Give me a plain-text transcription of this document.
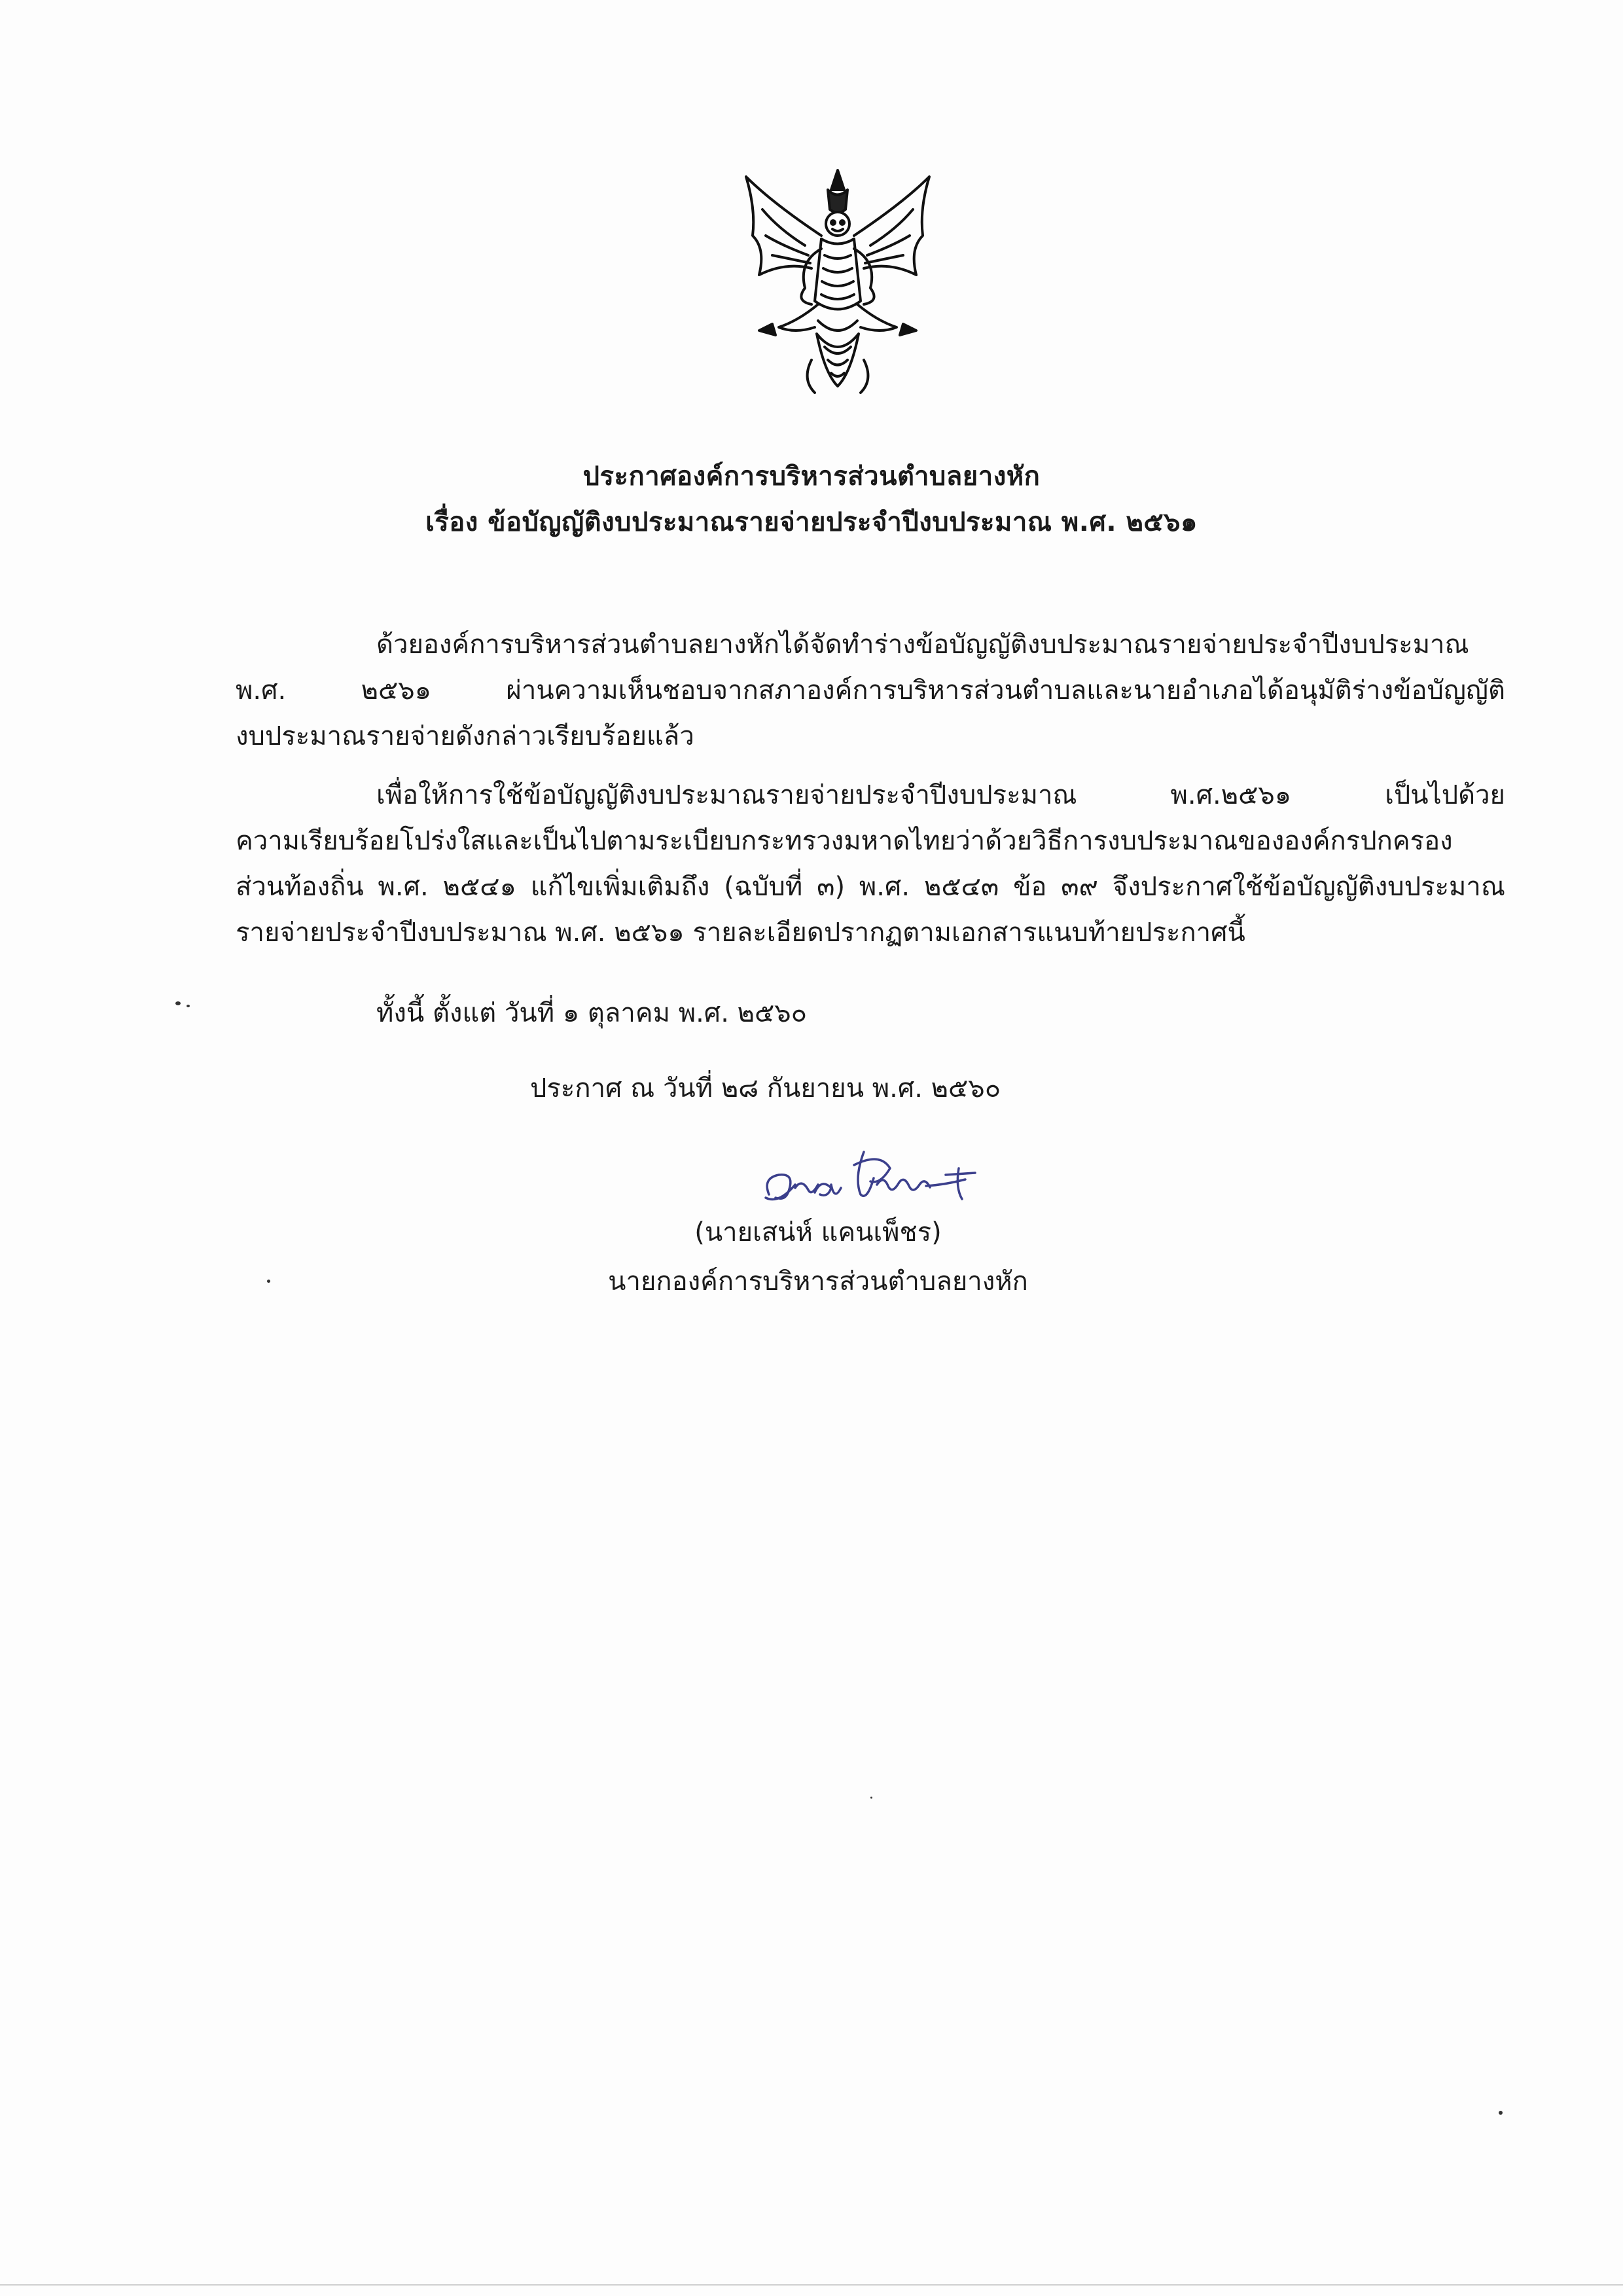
ประกาศองค์การบริหารส่วนตำบลยางหัก
เรื่อง ข้อบัญญัติงบประมาณรายจ่ายประจำปีงบประมาณ พ.ศ. ๒๕๖๑
ด้วยองค์การบริหารส่วนตำบลยางหักได้จัดทำร่างข้อบัญญัติงบประมาณรายจ่ายประจำปีงบประมาณ
พ.ศ. ๒๕๖๑ ผ่านความเห็นชอบจากสภาองค์การบริหารส่วนตำบลและนายอำเภอได้อนุมัติร่างข้อบัญญัติ
งบประมาณรายจ่ายดังกล่าวเรียบร้อยแล้ว
เพื่อให้การใช้ข้อบัญญัติงบประมาณรายจ่ายประจำปีงบประมาณ พ.ศ.๒๕๖๑ เป็นไปด้วย
ความเรียบร้อยโปร่งใสและเป็นไปตามระเบียบกระทรวงมหาดไทยว่าด้วยวิธีการงบประมาณขององค์กรปกครอง
ส่วนท้องถิ่น พ.ศ. ๒๕๔๑ แก้ไขเพิ่มเติมถึง (ฉบับที่ ๓) พ.ศ. ๒๕๔๓ ข้อ ๓๙ จึงประกาศใช้ข้อบัญญัติงบประมาณ
รายจ่ายประจำปีงบประมาณ พ.ศ. ๒๕๖๑ รายละเอียดปรากฏตามเอกสารแนบท้ายประกาศนี้
ทั้งนี้ ตั้งแต่ วันที่ ๑ ตุลาคม พ.ศ. ๒๕๖๐
ประกาศ ณ วันที่ ๒๘ กันยายน พ.ศ. ๒๕๖๐
(นายเสน่ห์ แคนเพ็ชร)
นายกองค์การบริหารส่วนตำบลยางหัก
